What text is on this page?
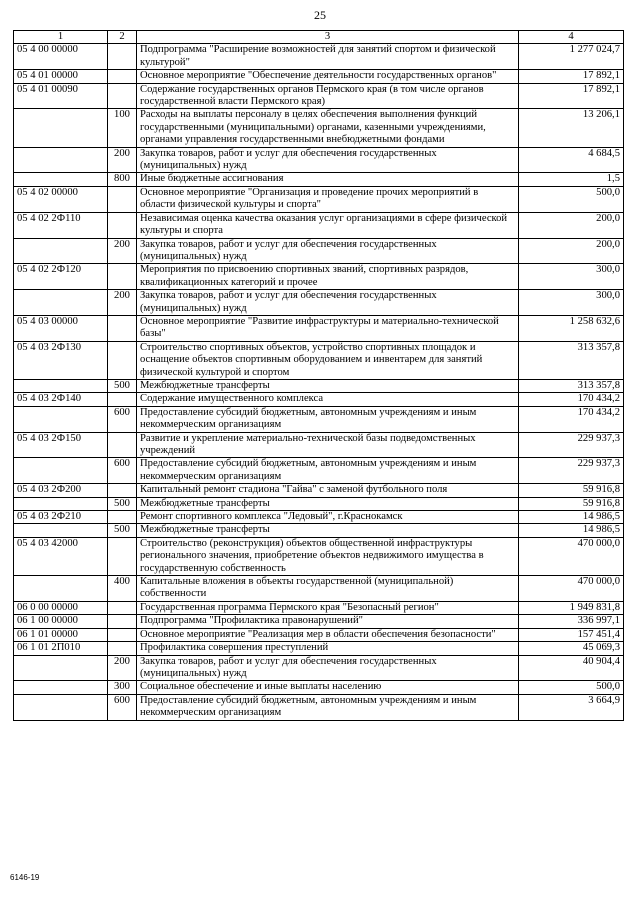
25
1	2	3	4
05 4 00 00000		Подпрограмма "Расширение возможностей для занятий спортом и физической культурой"	1 277 024,7
05 4 01 00000		Основное мероприятие "Обеспечение деятельности государственных органов"	17 892,1
05 4 01 00090		Содержание государственных органов Пермского края (в том числе органов государственной власти Пермского края)	17 892,1
	100	Расходы на выплаты персоналу в целях обеспечения выполнения функций государственными (муниципальными) органами, казенными учреждениями, органами управления государственными внебюджетными фондами	13 206,1
	200	Закупка товаров, работ и услуг для обеспечения государственных (муниципальных) нужд	4 684,5
	800	Иные бюджетные ассигнования	1,5
05 4 02 00000		Основное мероприятие "Организация и проведение прочих мероприятий в области физической культуры и спорта"	500,0
05 4 02 2Ф110		Независимая оценка качества оказания услуг организациями в сфере физической культуры и спорта	200,0
	200	Закупка товаров, работ и услуг для обеспечения государственных (муниципальных) нужд	200,0
05 4 02 2Ф120		Мероприятия по присвоению спортивных званий, спортивных разрядов, квалификационных категорий и прочее	300,0
	200	Закупка товаров, работ и услуг для обеспечения государственных (муниципальных) нужд	300,0
05 4 03 00000		Основное мероприятие "Развитие инфраструктуры и материально-технической базы"	1 258 632,6
05 4 03 2Ф130		Строительство спортивных объектов, устройство спортивных площадок и оснащение объектов спортивным оборудованием и инвентарем для занятий физической культурой и спортом	313 357,8
	500	Межбюджетные трансферты	313 357,8
05 4 03 2Ф140		Содержание имущественного комплекса	170 434,2
	600	Предоставление субсидий бюджетным, автономным учреждениям и иным некоммерческим организациям	170 434,2
05 4 03 2Ф150		Развитие и укрепление материально-технической базы подведомственных учреждений	229 937,3
	600	Предоставление субсидий бюджетным, автономным учреждениям и иным некоммерческим организациям	229 937,3
05 4 03 2Ф200		Капитальный ремонт стадиона "Гайва" с заменой футбольного поля	59 916,8
	500	Межбюджетные трансферты	59 916,8
05 4 03 2Ф210		Ремонт спортивного комплекса "Ледовый", г.Краснокамск	14 986,5
	500	Межбюджетные трансферты	14 986,5
05 4 03 42000		Строительство (реконструкция) объектов общественной инфраструктуры регионального значения, приобретение объектов недвижимого имущества в государственную собственность	470 000,0
	400	Капитальные вложения в объекты государственной (муниципальной) собственности	470 000,0
06 0 00 00000		Государственная программа Пермского края "Безопасный регион"	1 949 831,8
06 1 00 00000		Подпрограмма "Профилактика правонарушений"	336 997,1
06 1 01 00000		Основное мероприятие "Реализация мер в области обеспечения безопасности"	157 451,4
06 1 01 2П010		Профилактика совершения преступлений	45 069,3
	200	Закупка товаров, работ и услуг для обеспечения государственных (муниципальных) нужд	40 904,4
	300	Социальное обеспечение и иные выплаты населению	500,0
	600	Предоставление субсидий бюджетным, автономным учреждениям и иным некоммерческим организациям	3 664,9
6146-19
